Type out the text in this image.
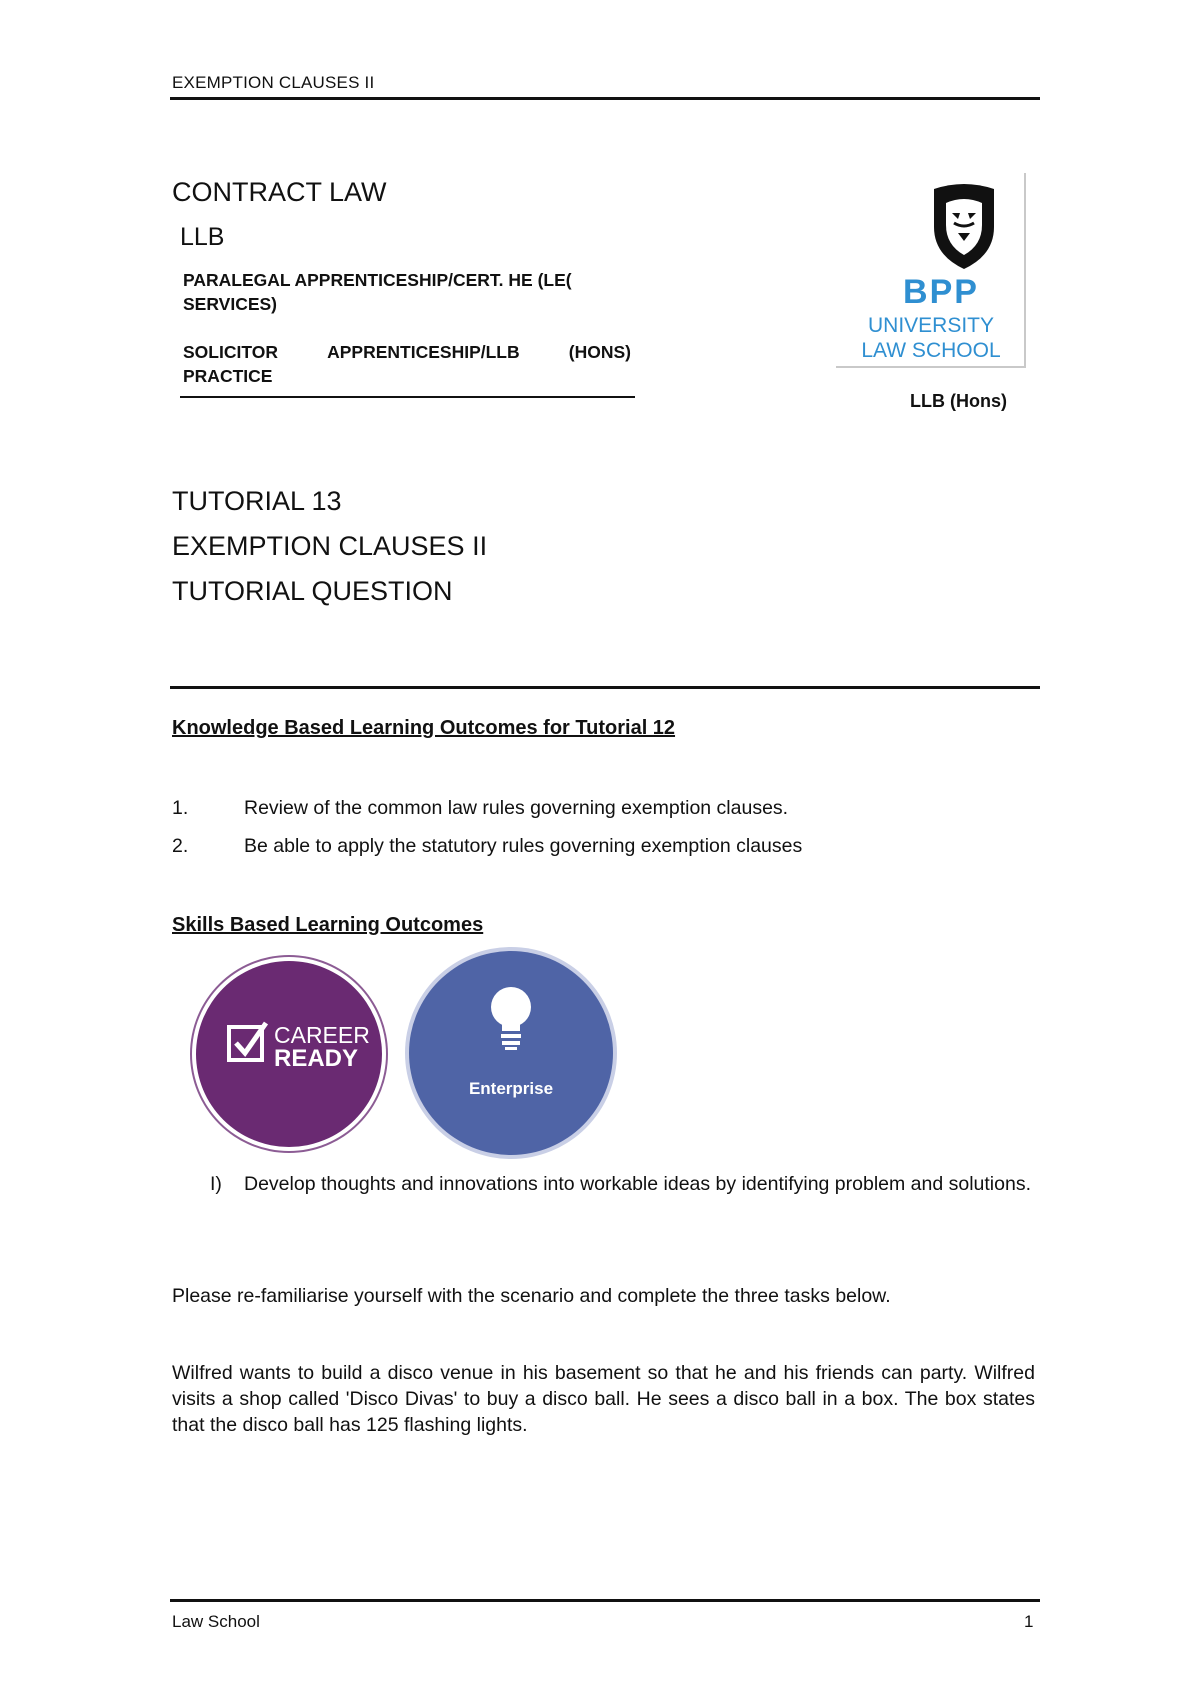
EXEMPTION CLAUSES II
CONTRACT LAW
LLB
PARALEGAL APPRENTICESHIP/CERT. HE (LE(
SERVICES)
SOLICITOR	APPRENTICESHIP/LLB	(HONS)
PRACTICE
BPP
UNIVERSITY
LAW SCHOOL
LLB (Hons)
TUTORIAL 13
EXEMPTION CLAUSES II
TUTORIAL QUESTION
Knowledge Based Learning Outcomes for Tutorial 12
1.	Review of the common law rules governing exemption clauses.
2.	Be able to apply the statutory rules governing exemption clauses
Skills Based Learning Outcomes
CAREER
READY
Enterprise
I) Develop thoughts and innovations into workable ideas by identifying problem and solutions.
Please re-familiarise yourself with the scenario and complete the three tasks below.
Wilfred wants to build a disco venue in his basement so that he and his friends can party. Wilfred visits a shop called 'Disco Divas' to buy a disco ball. He sees a disco ball in a box. The box states that the disco ball has 125 flashing lights.
Law School	1
